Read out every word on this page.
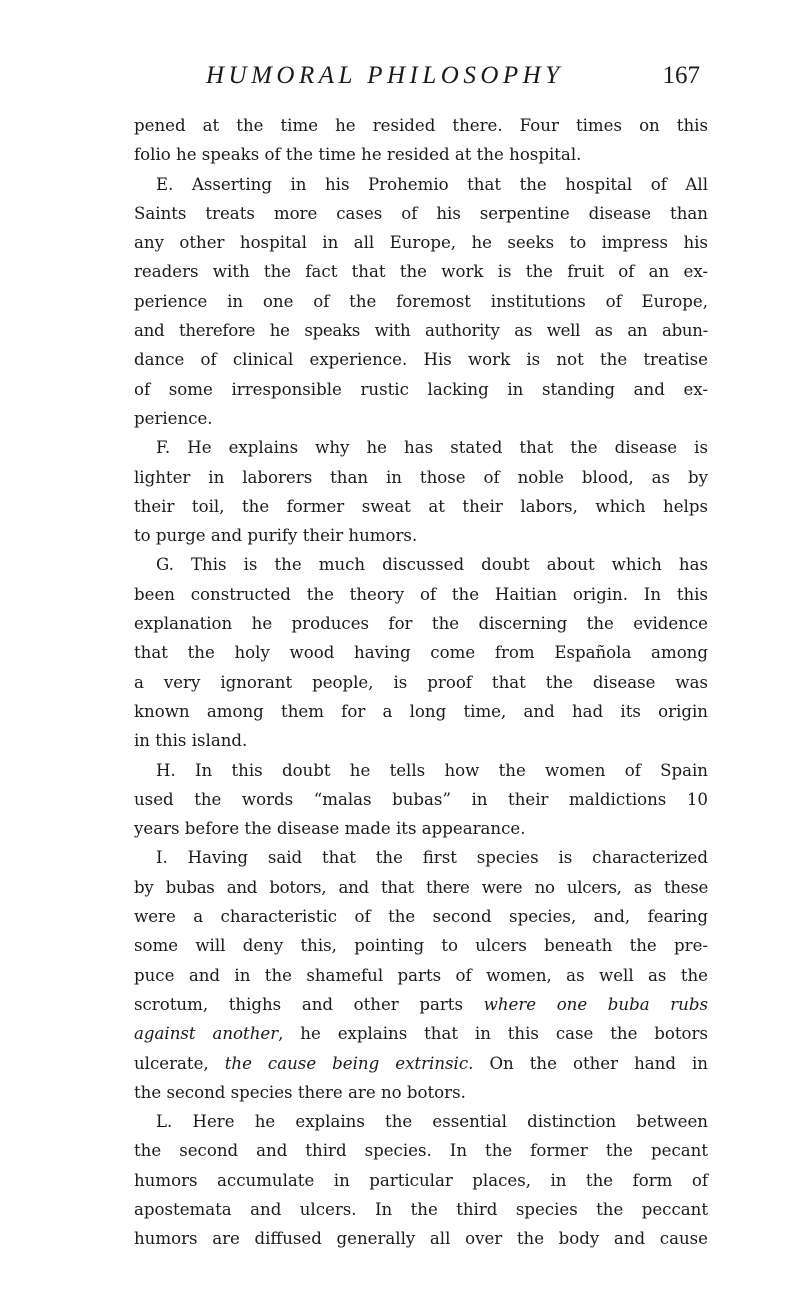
HUMORAL PHILOSOPHY	167
pened at the time he resided there. Four times on this
folio he speaks of the time he resided at the hospital.
E. Asserting in his Prohemio that the hospital of All
Saints treats more cases of his serpentine disease than
any other hospital in all Europe, he seeks to impress his
readers with the fact that the work is the fruit of an ex-
perience in one of the foremost institutions of Europe,
and therefore he speaks with authority as well as an abun-
dance of clinical experience. His work is not the treatise
of some irresponsible rustic lacking in standing and ex-
perience.
F. He explains why he has stated that the disease is
lighter in laborers than in those of noble blood, as by
their toil, the former sweat at their labors, which helps
to purge and purify their humors.
G. This is the much discussed doubt about which has
been constructed the theory of the Haitian origin. In this
explanation he produces for the discerning the evidence
that the holy wood having come from Española among
a very ignorant people, is proof that the disease was
known among them for a long time, and had its origin
in this island.
H. In this doubt he tells how the women of Spain
used the words “malas bubas” in their maldictions 10
years before the disease made its appearance.
I. Having said that the first species is characterized
by bubas and botors, and that there were no ulcers, as these
were a characteristic of the second species, and, fearing
some will deny this, pointing to ulcers beneath the pre-
puce and in the shameful parts of women, as well as the
scrotum, thighs and other parts where one buba rubs
against another, he explains that in this case the botors
ulcerate, the cause being extrinsic. On the other hand in
the second species there are no botors.
L. Here he explains the essential distinction between
the second and third species. In the former the pecant
humors accumulate in particular places, in the form of
apostemata and ulcers. In the third species the peccant
humors are diffused generally all over the body and cause
